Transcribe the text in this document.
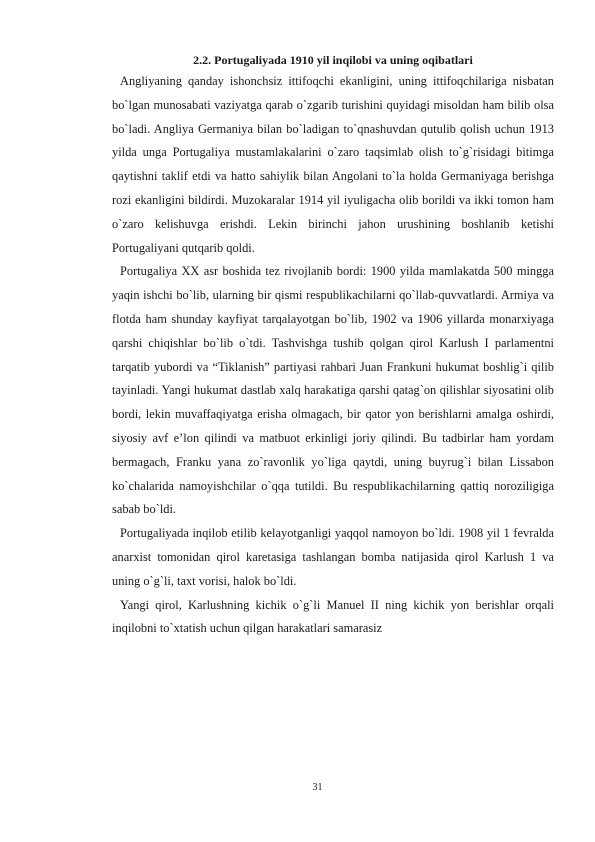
2.2. Portugaliyada 1910 yil inqilobi va uning oqibatlari

Angliyaning qanday ishonchsiz ittifoqchi ekanligini, uning ittifoqchilariga nisbatan bo`lgan munosabati vaziyatga qarab o`zgarib turishini quyidagi misoldan ham bilib olsa bo`ladi. Angliya Germaniya bilan bo`ladigan to`qnashuvdan qutulib qolish uchun 1913 yilda unga Portugaliya mustamlakalarini o`zaro taqsimlab olish to`g`risidagi bitimga qaytishni taklif etdi va hatto sahiylik bilan Angolani to`la holda Germaniyaga berishga rozi ekanligini bildirdi. Muzokaralar 1914 yil iyuligacha olib borildi va ikki tomon ham o`zaro kelishuvga erishdi. Lekin birinchi jahon urushining boshlanib ketishi Portugaliyani qutqarib qoldi.

Portugaliya XX asr boshida tez rivojlanib bordi: 1900 yilda mamlakatda 500 mingga yaqin ishchi bo`lib, ularning bir qismi respublikachilarni qo`llab-quvvatlardi. Armiya va flotda ham shunday kayfiyat tarqalayotgan bo`lib, 1902 va 1906 yillarda monarxiyaga qarshi chiqishlar bo`lib o`tdi. Tashvishga tushib qolgan qirol Karlush I parlamentni tarqatib yubordi va “Tiklanish” partiyasi rahbari Juan Frankuni hukumat boshlig`i qilib tayinladi. Yangi hukumat dastlab xalq harakatiga qarshi qatag`on qilishlar siyosatini olib bordi, lekin muvaffaqiyatga erisha olmagach, bir qator yon berishlarni amalga oshirdi, siyosiy avf e’lon qilindi va matbuot erkinligi joriy qilindi. Bu tadbirlar ham yordam bermagach, Franku yana zo`ravonlik yo`liga qaytdi, uning buyrug`i bilan Lissabon ko`chalarida namoyishchilar o`qqa tutildi. Bu respublikachilarning qattiq noroziligiga sabab bo`ldi.

Portugaliyada inqilob etilib kelayotganligi yaqqol namoyon bo`ldi. 1908 yil 1 fevralda anarxist tomonidan qirol karetasiga tashlangan bomba natijasida qirol Karlush 1 va uning o`g`li, taxt vorisi, halok bo`ldi.

Yangi qirol, Karlushning kichik o`g`li Manuel II ning kichik yon berishlar orqali inqilobni to`xtatish uchun qilgan harakatlari samarasiz

31
